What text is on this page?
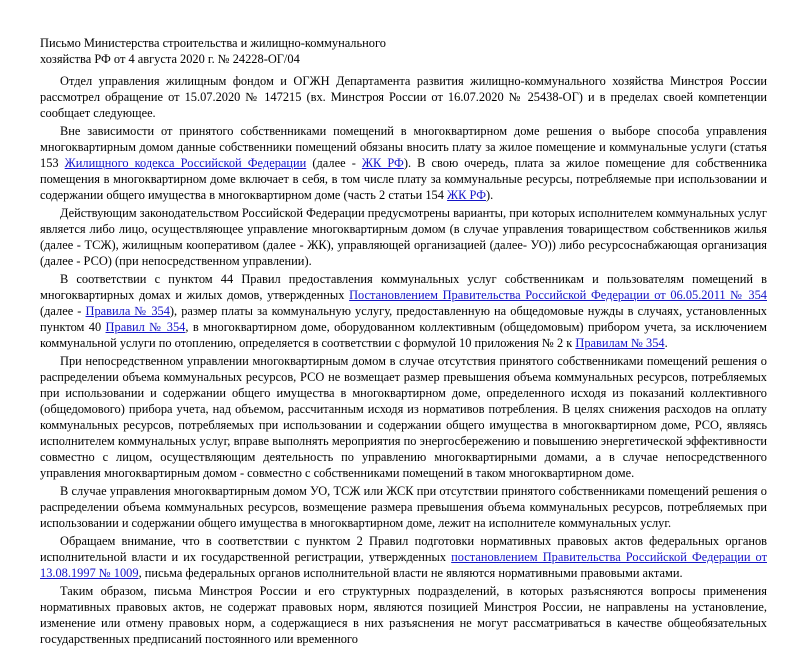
Письмо Министерства строительства и жилищно-коммунального
хозяйства РФ от 4 августа 2020 г. № 24228-ОГ/04

Отдел управления жилищным фондом и ОГЖН Департамента развития жилищно-коммунального хозяйства Минстроя России рассмотрел обращение от 15.07.2020 № 147215 (вх. Минстроя России от 16.07.2020 № 25438-ОГ) и в пределах своей компетенции сообщает следующее.

Вне зависимости от принятого собственниками помещений в многоквартирном доме решения о выборе способа управления многоквартирным домом данные собственники помещений обязаны вносить плату за жилое помещение и коммунальные услуги (статья 153 Жилищного кодекса Российской Федерации (далее - ЖК РФ). В свою очередь, плата за жилое помещение для собственника помещения в многоквартирном доме включает в себя, в том числе плату за коммунальные ресурсы, потребляемые при использовании и содержании общего имущества в многоквартирном доме (часть 2 статьи 154 ЖК РФ).

Действующим законодательством Российской Федерации предусмотрены варианты, при которых исполнителем коммунальных услуг является либо лицо, осуществляющее управление многоквартирным домом (в случае управления товариществом собственников жилья (далее - ТСЖ), жилищным кооперативом (далее - ЖК), управляющей организацией (далее- УО)) либо ресурсоснабжающая организация (далее - РСО) (при непосредственном управлении).

В соответствии с пунктом 44 Правил предоставления коммунальных услуг собственникам и пользователям помещений в многоквартирных домах и жилых домов, утвержденных Постановлением Правительства Российской Федерации от 06.05.2011 № 354 (далее - Правила № 354), размер платы за коммунальную услугу, предоставленную на общедомовые нужды в случаях, установленных пунктом 40 Правил № 354, в многоквартирном доме, оборудованном коллективным (общедомовым) прибором учета, за исключением коммунальной услуги по отоплению, определяется в соответствии с формулой 10 приложения № 2 к Правилам № 354.

При непосредственном управлении многоквартирным домом в случае отсутствия принятого собственниками помещений решения о распределении объема коммунальных ресурсов, РСО не возмещает размер превышения объема коммунальных ресурсов, потребляемых при использовании и содержании общего имущества в многоквартирном доме, определенного исходя из показаний коллективного (общедомового) прибора учета, над объемом, рассчитанным исходя из нормативов потребления. В целях снижения расходов на оплату коммунальных ресурсов, потребляемых при использовании и содержании общего имущества в многоквартирном доме, РСО, являясь исполнителем коммунальных услуг, вправе выполнять мероприятия по энергосбережению и повышению энергетической эффективности совместно с лицом, осуществляющим деятельность по управлению многоквартирными домами, а в случае непосредственного управления многоквартирным домом - совместно с собственниками помещений в таком многоквартирном доме.

В случае управления многоквартирным домом УО, ТСЖ или ЖСК при отсутствии принятого собственниками помещений решения о распределении объема коммунальных ресурсов, возмещение размера превышения объема коммунальных ресурсов, потребляемых при использовании и содержании общего имущества в многоквартирном доме, лежит на исполнителе коммунальных услуг.

Обращаем внимание, что в соответствии с пунктом 2 Правил подготовки нормативных правовых актов федеральных органов исполнительной власти и их государственной регистрации, утвержденных постановлением Правительства Российской Федерации от 13.08.1997 № 1009, письма федеральных органов исполнительной власти не являются нормативными правовыми актами.

Таким образом, письма Минстроя России и его структурных подразделений, в которых разъясняются вопросы применения нормативных правовых актов, не содержат правовых норм, являются позицией Минстроя России, не направлены на установление, изменение или отмену правовых норм, а содержащиеся в них разъяснения не могут рассматриваться в качестве общеобязательных государственных предписаний постоянного или временного
